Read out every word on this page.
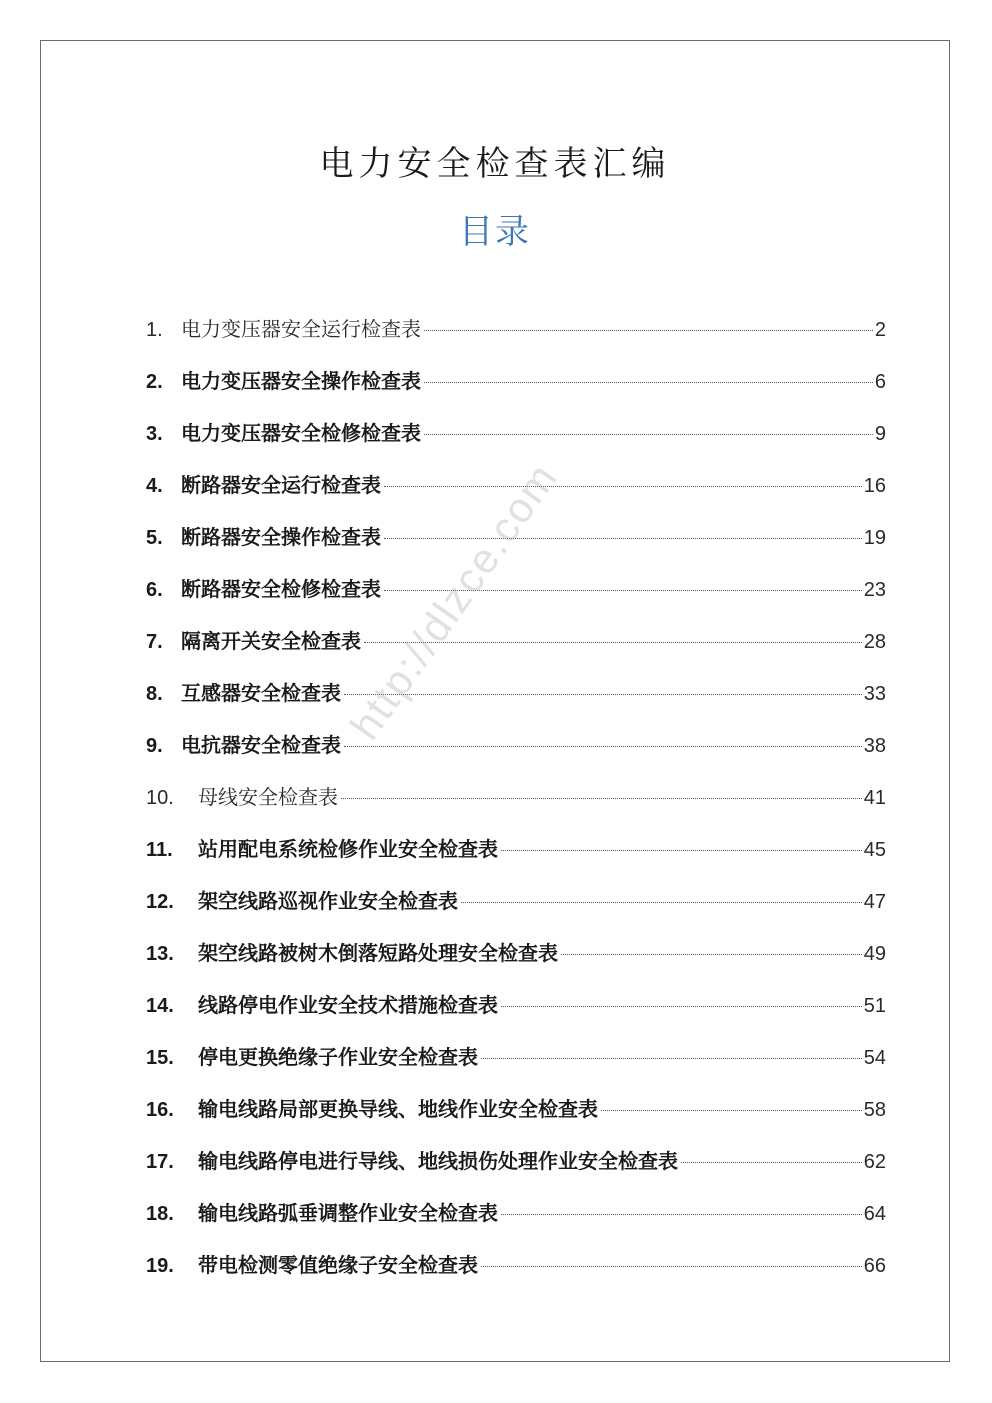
电力安全检查表汇编
目录
1. 电力变压器安全运行检查表	2
2. 电力变压器安全操作检查表	6
3. 电力变压器安全检修检查表	9
4. 断路器安全运行检查表	16
5. 断路器安全操作检查表	19
6. 断路器安全检修检查表	23
7. 隔离开关安全检查表	28
8. 互感器安全检查表	33
9. 电抗器安全检查表	38
10.	母线安全检查表	41
11.	站用配电系统检修作业安全检查表	45
12.	架空线路巡视作业安全检查表	47
13.	架空线路被树木倒落短路处理安全检查表	49
14.	线路停电作业安全技术措施检查表	51
15.	停电更换绝缘子作业安全检查表	54
16.	输电线路局部更换导线、地线作业安全检查表	58
17.	输电线路停电进行导线、地线损伤处理作业安全检查表	62
18.	输电线路弧垂调整作业安全检查表	64
19.	带电检测零值绝缘子安全检查表	66
http://dlzce.com
